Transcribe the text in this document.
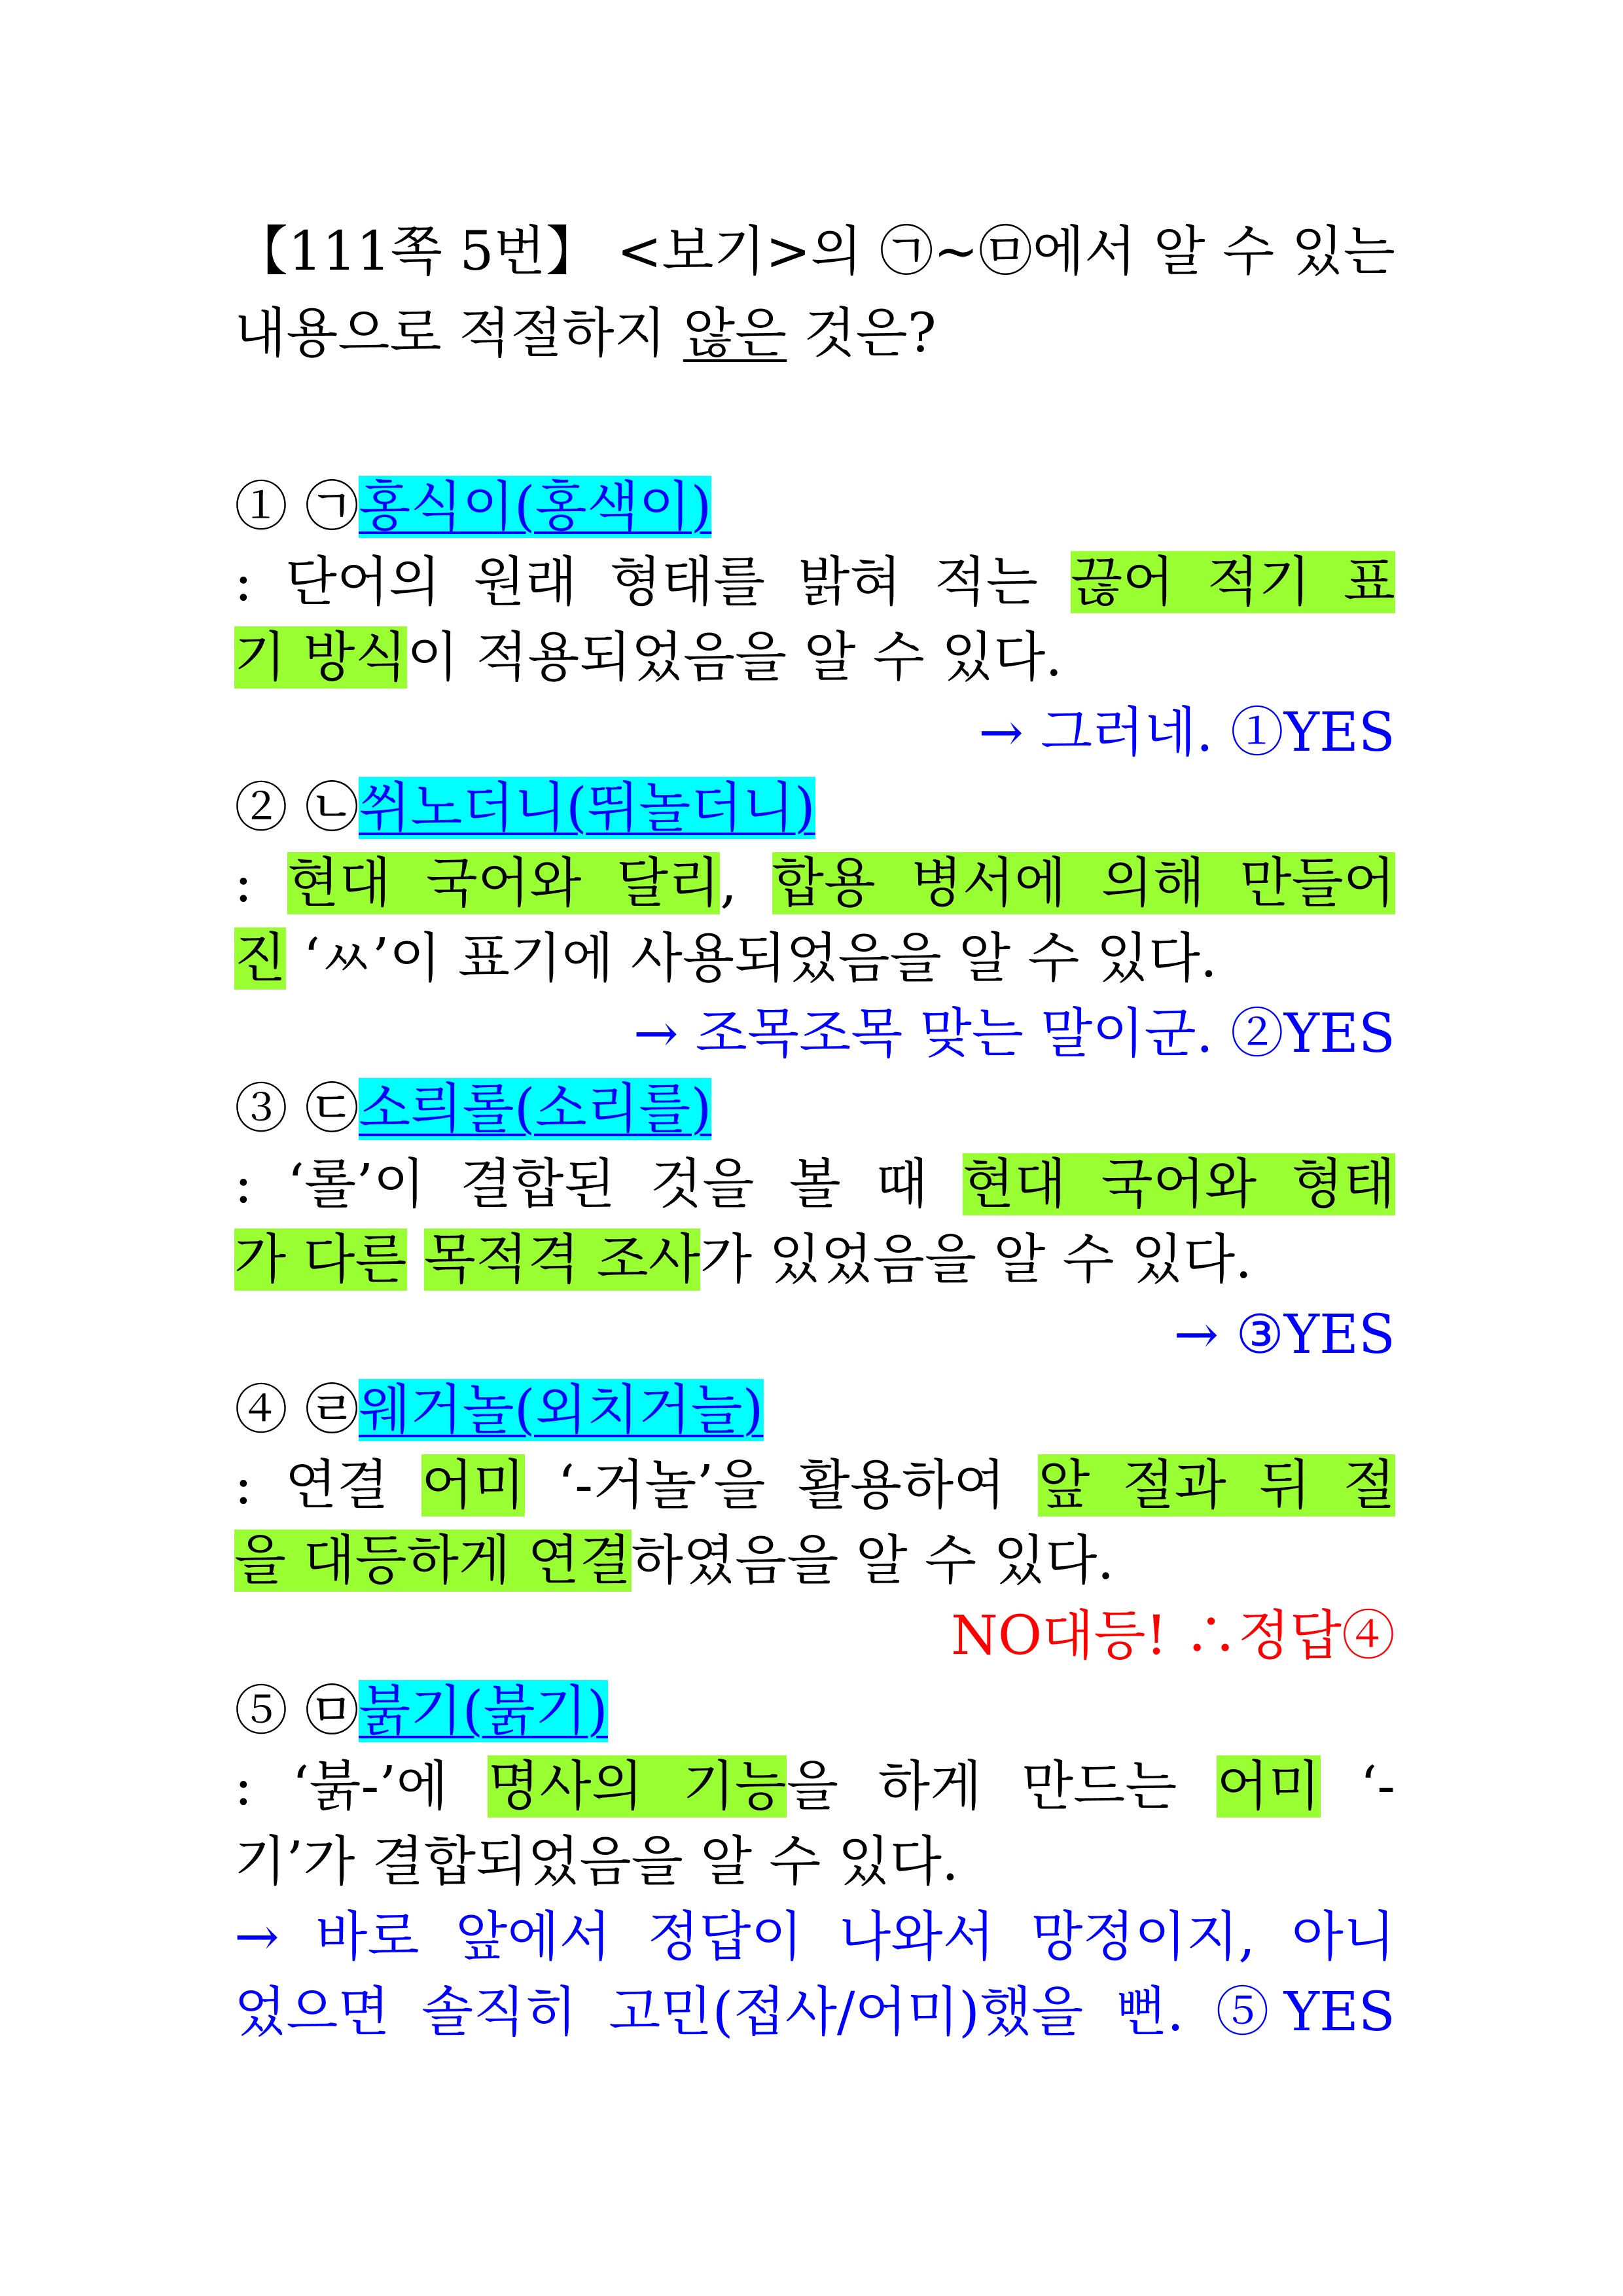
【111쪽 5번】 <보기>의 ㉠~㉤에서 알 수 있는
내용으로 적절하지 않은 것은?
① ㉠홍식이(홍색이)
: 단어의 원래 형태를 밝혀 적는 끊어 적기 표
기 방식이 적용되었음을 알 수 있다.
→ 그러네. ①YES
② ㉡쒸노더니(뛰놀더니)
: 현대 국어와 달리, 합용 병서에 의해 만들어
진 ‘ㅆ’이 표기에 사용되었음을 알 수 있다.
→ 조목조목 맞는 말이군. ②YES
③ ㉢소릐롤(소리를)
: ‘롤’이 결합된 것을 볼 때 현대 국어와 형태
가 다른 목적격 조사가 있었음을 알 수 있다.
→ ③YES
④ ㉣웨거놀(외치거늘)
: 연결 어미 ‘-거놀’을 활용하여 앞 절과 뒤 절
을 대등하게 연결하였음을 알 수 있다.
NO대등! ∴정답④
⑤ ㉤붉기(붉기)
: ‘붉-’에 명사의 기능을 하게 만드는 어미 ‘-
기’가 결합되었음을 알 수 있다.
→ 바로 앞에서 정답이 나와서 망정이지, 아니
었으면 솔직히 고민(접사/어미)했을 뻔. ⑤YES
